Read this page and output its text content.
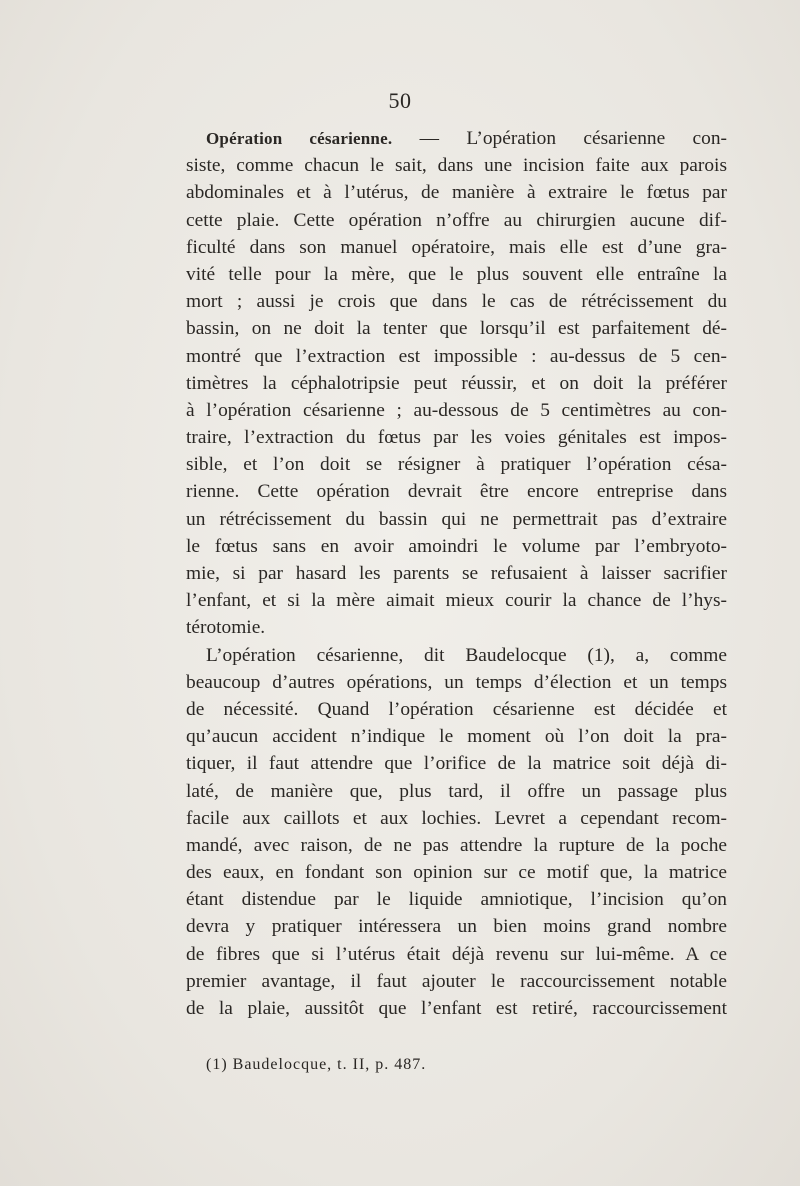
50
Opération césarienne. — L’opération césarienne con-
siste, comme chacun le sait, dans une incision faite aux parois
abdominales et à l’utérus, de manière à extraire le fœtus par
cette plaie. Cette opération n’offre au chirurgien aucune dif-
ficulté dans son manuel opératoire, mais elle est d’une gra-
vité telle pour la mère, que le plus souvent elle entraîne la
mort ; aussi je crois que dans le cas de rétrécissement du
bassin, on ne doit la tenter que lorsqu’il est parfaitement dé-
montré que l’extraction est impossible : au-dessus de 5 cen-
timètres la céphalotripsie peut réussir, et on doit la préférer
à l’opération césarienne ; au-dessous de 5 centimètres au con-
traire, l’extraction du fœtus par les voies génitales est impos-
sible, et l’on doit se résigner à pratiquer l’opération césa-
rienne. Cette opération devrait être encore entreprise dans
un rétrécissement du bassin qui ne permettrait pas d’extraire
le fœtus sans en avoir amoindri le volume par l’embryoto-
mie, si par hasard les parents se refusaient à laisser sacrifier
l’enfant, et si la mère aimait mieux courir la chance de l’hys-
térotomie.
L’opération césarienne, dit Baudelocque (1), a, comme
beaucoup d’autres opérations, un temps d’élection et un temps
de nécessité. Quand l’opération césarienne est décidée et
qu’aucun accident n’indique le moment où l’on doit la pra-
tiquer, il faut attendre que l’orifice de la matrice soit déjà di-
laté, de manière que, plus tard, il offre un passage plus
facile aux caillots et aux lochies. Levret a cependant recom-
mandé, avec raison, de ne pas attendre la rupture de la poche
des eaux, en fondant son opinion sur ce motif que, la matrice
étant distendue par le liquide amniotique, l’incision qu’on
devra y pratiquer intéressera un bien moins grand nombre
de fibres que si l’utérus était déjà revenu sur lui-même. A ce
premier avantage, il faut ajouter le raccourcissement notable
de la plaie, aussitôt que l’enfant est retiré, raccourcissement
(1) Baudelocque, t. II, p. 487.
